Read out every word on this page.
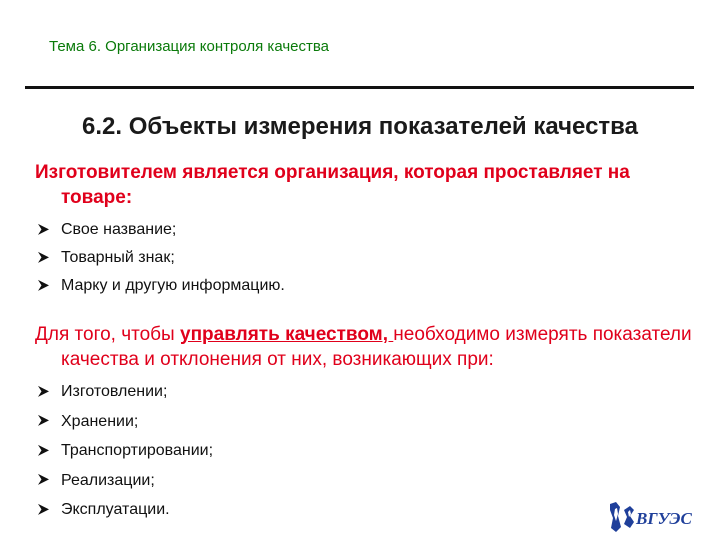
Тема 6. Организация контроля качества
6.2. Объекты измерения показателей качества
Изготовителем является организация, которая проставляет на товаре:
Свое название;
Товарный знак;
Марку и другую информацию.
Для того, чтобы управлять качеством, необходимо измерять показатели качества и отклонения от них, возникающих при:
Изготовлении;
Хранении;
Транспортировании;
Реализации;
Эксплуатации.	ВГУЭС
